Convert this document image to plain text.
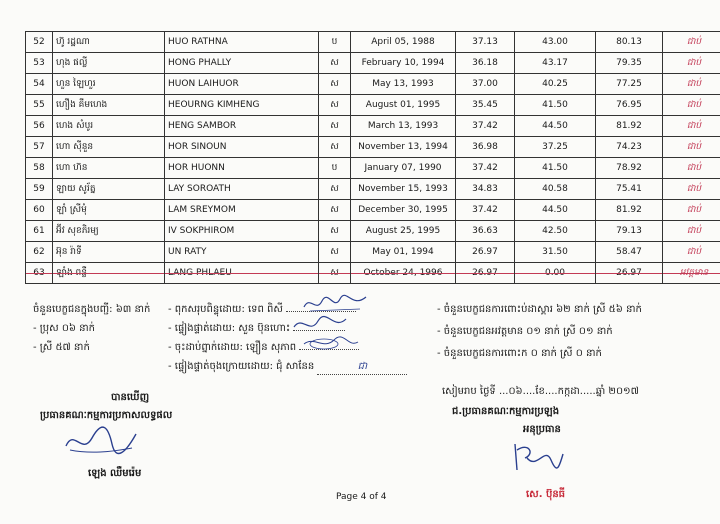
52	ហ៊ូ រដ្ឋណា	HUO RATHNA	ប	April 05, 1988	37.13	43.00	80.13	ជាប់
53	ហុង ផល្លី	HONG PHALLY	ស	February 10, 1994	36.18	43.17	79.35	ជាប់
54	ហួន ឡៃហួរ	HUON LAIHUOR	ស	May 13, 1993	37.00	40.25	77.25	ជាប់
55	ហឿង គឹមហេង	HEOURNG KIMHENG	ស	August 01, 1995	35.45	41.50	76.95	ជាប់
56	ហេង សំបូរ	HENG SAMBOR	ស	March 13, 1993	37.42	44.50	81.92	ជាប់
57	ហោ ស៊ីនួន	HOR SINOUN	ស	November 13, 1994	36.98	37.25	74.23	ជាប់
58	ហោ ហ៊ន	HOR HUONN	ប	January 07, 1990	37.42	41.50	78.92	ជាប់
59	ឡាយ សូរ័ត្ន	LAY SOROATH	ស	November 15, 1993	34.83	40.58	75.41	ជាប់
60	ឡាំ ស្រីមុំ	LAM SREYMOM	ស	December 30, 1995	37.42	44.50	81.92	ជាប់
61	អ៊ីវ សុខភិរម្យ	IV SOKPHIROM	ស	August 25, 1995	36.63	42.50	79.13	ជាប់
62	អ៊ុន រ៉ាទី	UN RATY	ស	May 01, 1994	26.97	31.50	58.47	ជាប់
63	ឡាំង ពន្លឺ	LANG PHLAEU	ស	October 24, 1996	26.97	0.00	26.97	អវត្តមាន
ចំនួនបេក្ខជនក្នុងបញ្ជី: ៦៣ នាក់
- ប្រុស ០៦ នាក់
- ស្រី ៥៧ នាក់
- ពុកសរុបពិន្ទុដោយ: ទេព ពិសី
- ផ្ទៀងផ្ទាត់ដោយ: សួន ប៊ុនហោះ
- ចុះដាប់ព្នាក់ដោយ: ឡឿន សុភាព
- ផ្ទៀងផ្ទាត់ចុងក្រោយដោយ: ជុំ សានែន	ជា
- ចំនួនបេក្ខជនការពោះប់ដាស្គារ ៦២ នាក់ ស្រី ៥៦ នាក់
- ចំនួនបេក្ខជនអវត្តមាន ០១ នាក់ ស្រី ០១ នាក់
- ចំនួនបេក្ខជនការពោះក ០ នាក់ ស្រី ០ នាក់
បានឃើញ
ប្រធានគណៈកម្មការប្រកាសលទ្ធផល
ឡេង ឈឺមរ៉េម
សៀមរាប ថ្ងៃទី ...០៦....ខែ....កក្កដា.....ឆ្នាំ ២០១៧
ជ.ប្រធានគណៈកម្មការប្រឡង
អនុប្រធាន
សេ. ប៊ុនធី
Page 4 of 4
